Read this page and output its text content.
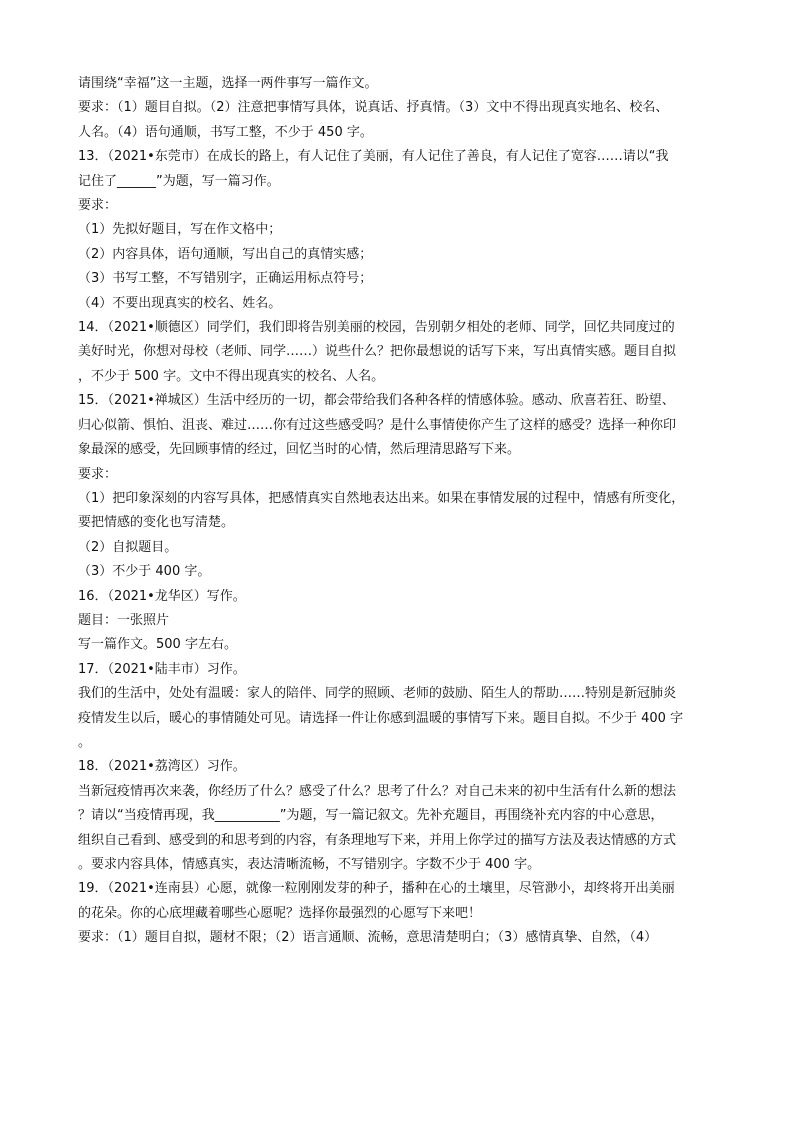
请围绕“幸福”这一主题，选择一两件事写一篇作文。
要求：（1）题目自拟。（2）注意把事情写具体，说真话、抒真情。（3）文中不得出现真实地名、校名、
人名。（4）语句通顺，书写工整，不少于 450 字。
13．（2021•东莞市）在成长的路上，有人记住了美丽，有人记住了善良，有人记住了宽容……请以“我
记住了______”为题，写一篇习作。
要求：
（1）先拟好题目，写在作文格中；
（2）内容具体，语句通顺，写出自己的真情实感；
（3）书写工整，不写错别字，正确运用标点符号；
（4）不要出现真实的校名、姓名。
14．（2021•顺德区）同学们，我们即将告别美丽的校园，告别朝夕相处的老师、同学，回忆共同度过的
美好时光，你想对母校（老师、同学……）说些什么？把你最想说的话写下来，写出真情实感。题目自拟
，不少于 500 字。文中不得出现真实的校名、人名。
15．（2021•禅城区）生活中经历的一切，都会带给我们各种各样的情感体验。感动、欣喜若狂、盼望、
归心似箭、惧怕、沮丧、难过……你有过这些感受吗？是什么事情使你产生了这样的感受？选择一种你印
象最深的感受，先回顾事情的经过，回忆当时的心情，然后理清思路写下来。
要求：
（1）把印象深刻的内容写具体，把感情真实自然地表达出来。如果在事情发展的过程中，情感有所变化，
要把情感的变化也写清楚。
（2）自拟题目。
（3）不少于 400 字。
16．（2021•龙华区）写作。
题目：一张照片
写一篇作文。500 字左右。
17．（2021•陆丰市）习作。
我们的生活中，处处有温暖：家人的陪伴、同学的照顾、老师的鼓励、陌生人的帮助……特别是新冠肺炎
疫情发生以后，暖心的事情随处可见。请选择一件让你感到温暖的事情写下来。题目自拟。不少于 400 字
。
18．（2021•荔湾区）习作。
当新冠疫情再次来袭，你经历了什么？感受了什么？思考了什么？对自己未来的初中生活有什么新的想法
？请以“当疫情再现，我__________”为题，写一篇记叙文。先补充题目，再围绕补充内容的中心意思，
组织自己看到、感受到的和思考到的内容，有条理地写下来，并用上你学过的描写方法及表达情感的方式
。要求内容具体，情感真实，表达清晰流畅，不写错别字。字数不少于 400 字。
19．（2021•连南县）心愿，就像一粒刚刚发芽的种子，播种在心的土壤里，尽管渺小，却终将开出美丽
的花朵。你的心底埋藏着哪些心愿呢？选择你最强烈的心愿写下来吧！
要求：（1）题目自拟，题材不限；（2）语言通顺、流畅，意思清楚明白；（3）感情真挚、自然，（4）
